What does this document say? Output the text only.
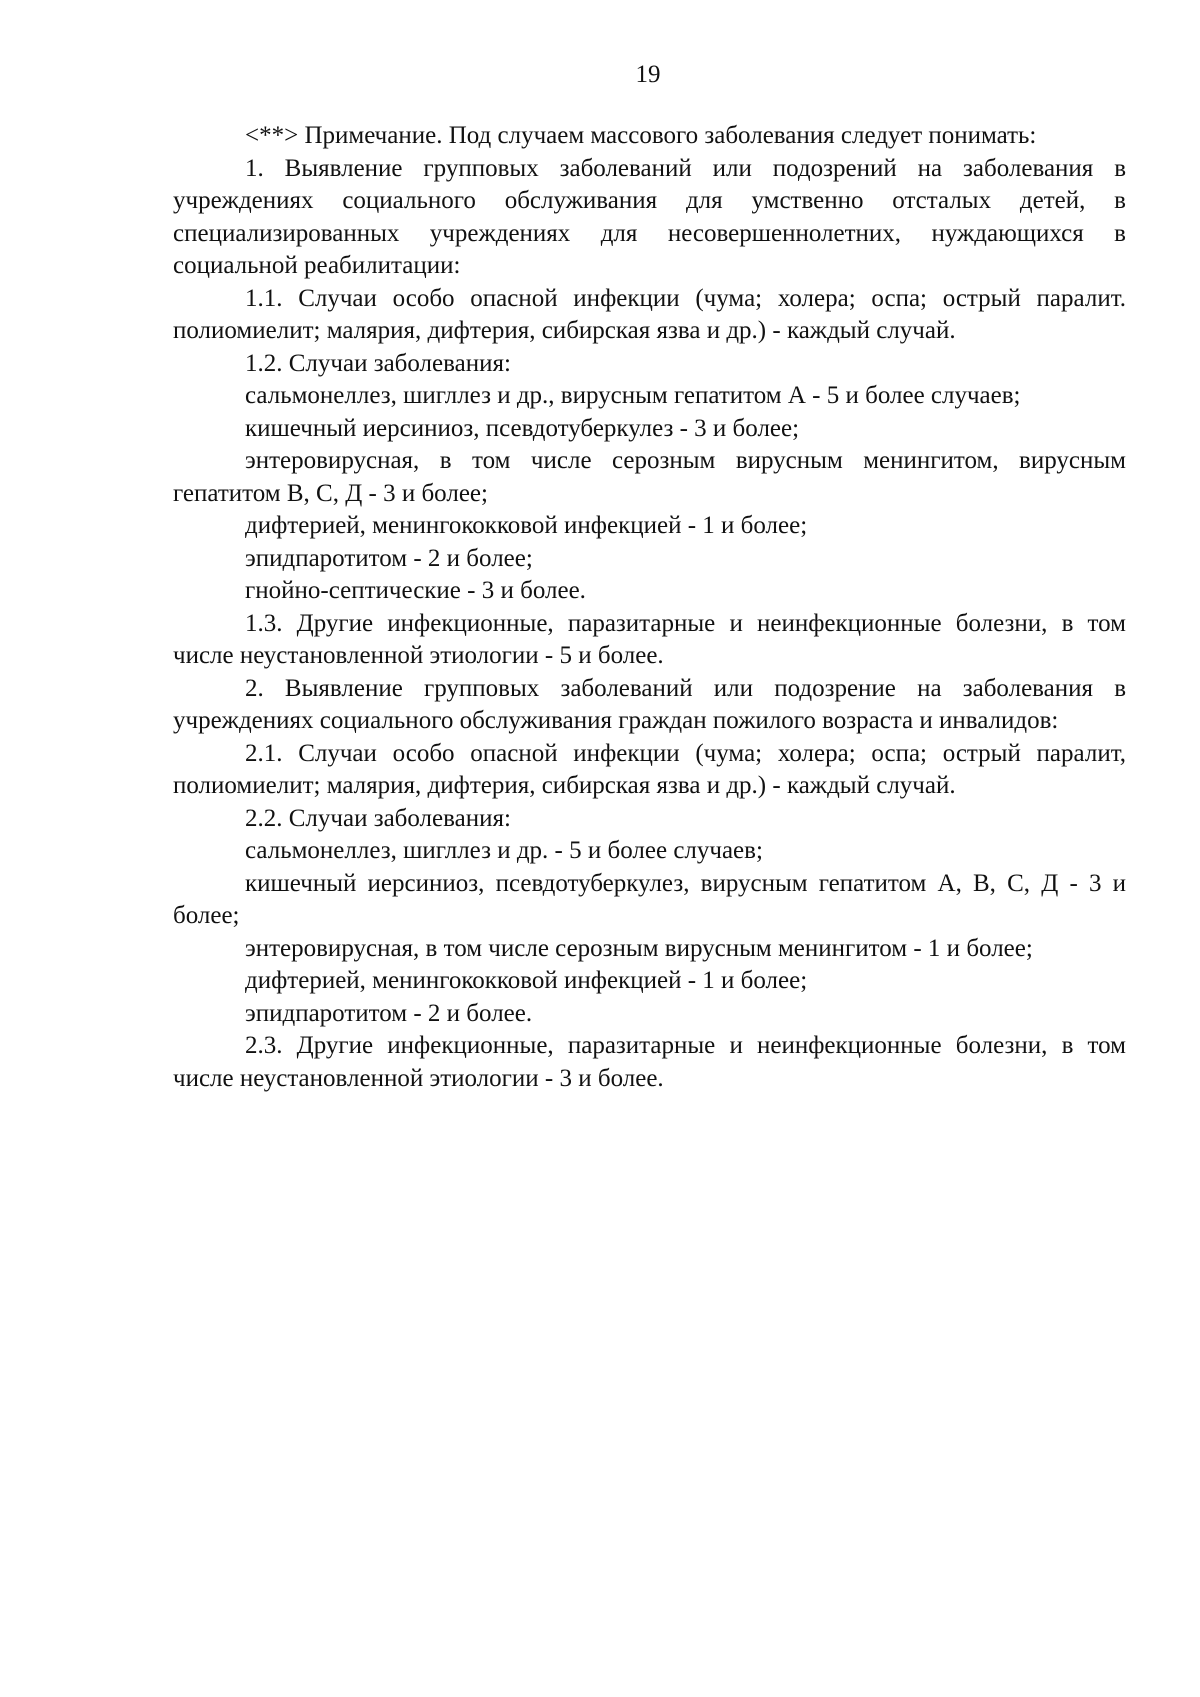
19

<**> Примечание. Под случаем массового заболевания следует понимать:

1. Выявление групповых заболеваний или подозрений на заболевания в учреждениях социального обслуживания для умственно отсталых детей, в специализированных учреждениях для несовершеннолетних, нуждающихся в социальной реабилитации:

1.1. Случаи особо опасной инфекции (чума; холера; оспа; острый паралит. полиомиелит; малярия, дифтерия, сибирская язва и др.) - каждый случай.

1.2. Случаи заболевания:

сальмонеллез, шигллез и др., вирусным гепатитом А - 5 и более случаев;

кишечный иерсиниоз, псевдотуберкулез - 3 и более;

энтеровирусная, в том числе серозным вирусным менингитом, вирусным гепатитом В, С, Д - 3 и более;

дифтерией, менингококковой инфекцией - 1 и более;

эпидпаротитом - 2 и более;

гнойно-септические - 3 и более.

1.3. Другие инфекционные, паразитарные и неинфекционные болезни, в том числе неустановленной этиологии - 5 и более.

2. Выявление групповых заболеваний или подозрение на заболевания в учреждениях социального обслуживания граждан пожилого возраста и инвалидов:

2.1. Случаи особо опасной инфекции (чума; холера; оспа; острый паралит, полиомиелит; малярия, дифтерия, сибирская язва и др.) - каждый случай.

2.2. Случаи заболевания:

сальмонеллез, шигллез и др. - 5 и более случаев;

кишечный иерсиниоз, псевдотуберкулез, вирусным гепатитом А, В, С, Д - 3 и более;

энтеровирусная, в том числе серозным вирусным менингитом - 1 и более;

дифтерией, менингококковой инфекцией - 1 и более;

эпидпаротитом - 2 и более.

2.3. Другие инфекционные, паразитарные и неинфекционные болезни, в том числе неустановленной этиологии - 3 и более.
